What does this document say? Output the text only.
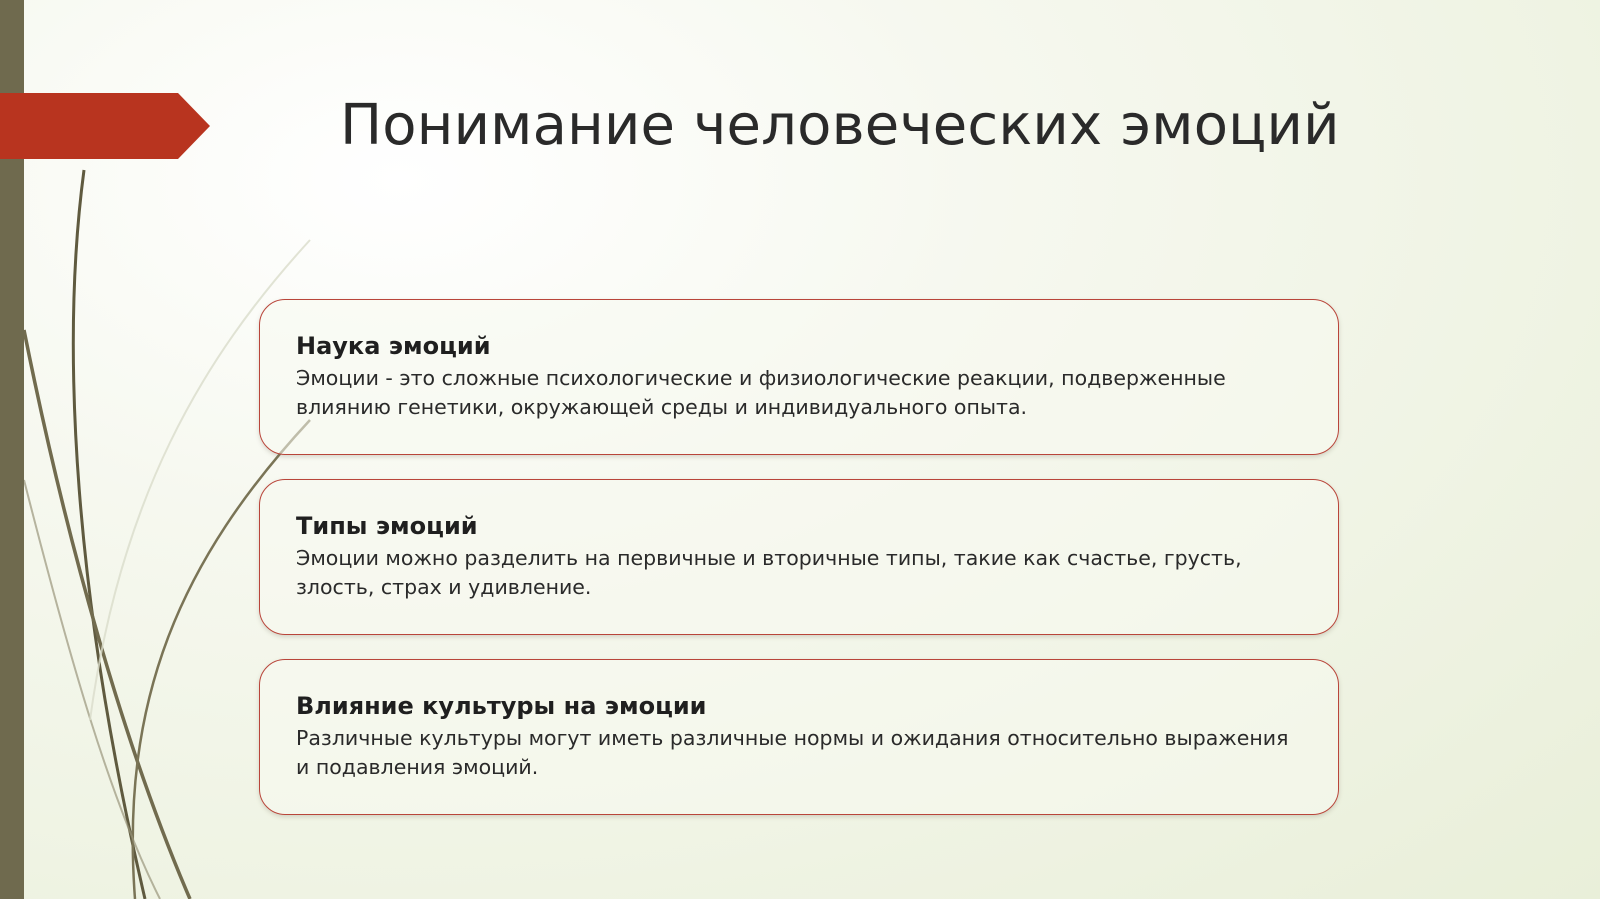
Понимание человеческих эмоций
Наука эмоций

Эмоции - это сложные психологические и физиологические реакции, подверженные влиянию генетики, окружающей среды и индивидуального опыта.

Типы эмоций

Эмоции можно разделить на первичные и вторичные типы, такие как счастье, грусть, злость, страх и удивление.

Влияние культуры на эмоции

Различные культуры могут иметь различные нормы и ожидания относительно выражения и подавления эмоций.
